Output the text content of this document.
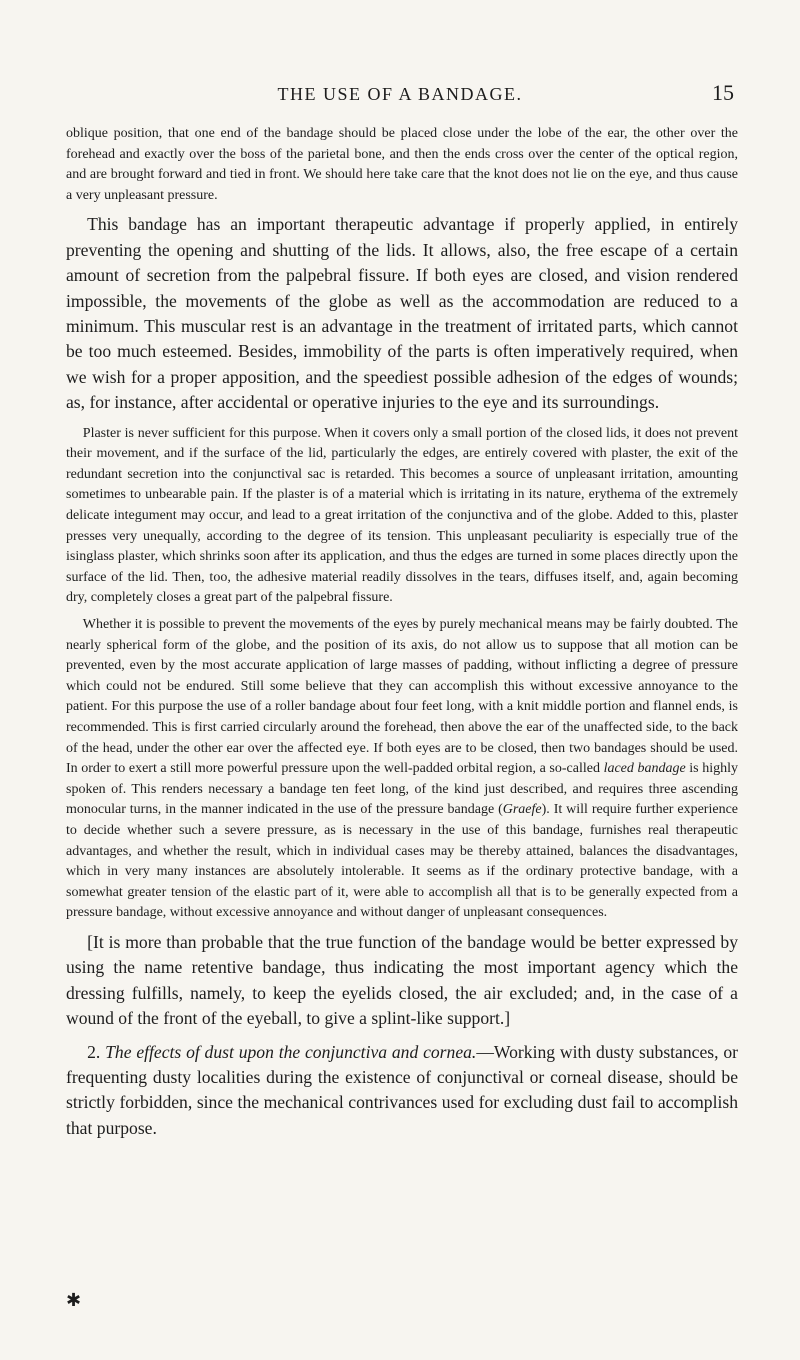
THE USE OF A BANDAGE.	15

oblique position, that one end of the bandage should be placed close under the lobe of the ear, the other over the forehead and exactly over the boss of the parietal bone, and then the ends cross over the center of the optical region, and are brought forward and tied in front. We should here take care that the knot does not lie on the eye, and thus cause a very unpleasant pressure.

This bandage has an important therapeutic advantage if properly applied, in entirely preventing the opening and shutting of the lids. It allows, also, the free escape of a certain amount of secretion from the palpebral fissure. If both eyes are closed, and vision rendered impossible, the movements of the globe as well as the accommodation are reduced to a minimum. This muscular rest is an advantage in the treatment of irritated parts, which cannot be too much esteemed. Besides, immobility of the parts is often imperatively required, when we wish for a proper apposition, and the speediest possible adhesion of the edges of wounds; as, for instance, after accidental or operative injuries to the eye and its surroundings.

Plaster is never sufficient for this purpose. When it covers only a small portion of the closed lids, it does not prevent their movement, and if the surface of the lid, particularly the edges, are entirely covered with plaster, the exit of the redundant secretion into the conjunctival sac is retarded. This becomes a source of unpleasant irritation, amounting sometimes to unbearable pain. If the plaster is of a material which is irritating in its nature, erythema of the extremely delicate integument may occur, and lead to a great irritation of the conjunctiva and of the globe. Added to this, plaster presses very unequally, according to the degree of its tension. This unpleasant peculiarity is especially true of the isinglass plaster, which shrinks soon after its application, and thus the edges are turned in some places directly upon the surface of the lid. Then, too, the adhesive material readily dissolves in the tears, diffuses itself, and, again becoming dry, completely closes a great part of the palpebral fissure.

Whether it is possible to prevent the movements of the eyes by purely mechanical means may be fairly doubted. The nearly spherical form of the globe, and the position of its axis, do not allow us to suppose that all motion can be prevented, even by the most accurate application of large masses of padding, without inflicting a degree of pressure which could not be endured. Still some believe that they can accomplish this without excessive annoyance to the patient. For this purpose the use of a roller bandage about four feet long, with a knit middle portion and flannel ends, is recommended. This is first carried circularly around the forehead, then above the ear of the unaffected side, to the back of the head, under the other ear over the affected eye. If both eyes are to be closed, then two bandages should be used. In order to exert a still more powerful pressure upon the well-padded orbital region, a so-called laced bandage is highly spoken of. This renders necessary a bandage ten feet long, of the kind just described, and requires three ascending monocular turns, in the manner indicated in the use of the pressure bandage (Graefe). It will require further experience to decide whether such a severe pressure, as is necessary in the use of this bandage, furnishes real therapeutic advantages, and whether the result, which in individual cases may be thereby attained, balances the disadvantages, which in very many instances are absolutely intolerable. It seems as if the ordinary protective bandage, with a somewhat greater tension of the elastic part of it, were able to accomplish all that is to be generally expected from a pressure bandage, without excessive annoyance and without danger of unpleasant consequences.

[It is more than probable that the true function of the bandage would be better expressed by using the name retentive bandage, thus indicating the most important agency which the dressing fulfills, namely, to keep the eyelids closed, the air excluded; and, in the case of a wound of the front of the eyeball, to give a splint-like support.]

2. The effects of dust upon the conjunctiva and cornea.—Working with dusty substances, or frequenting dusty localities during the existence of conjunctival or corneal disease, should be strictly forbidden, since the mechanical contrivances used for excluding dust fail to accomplish that purpose.

✱
